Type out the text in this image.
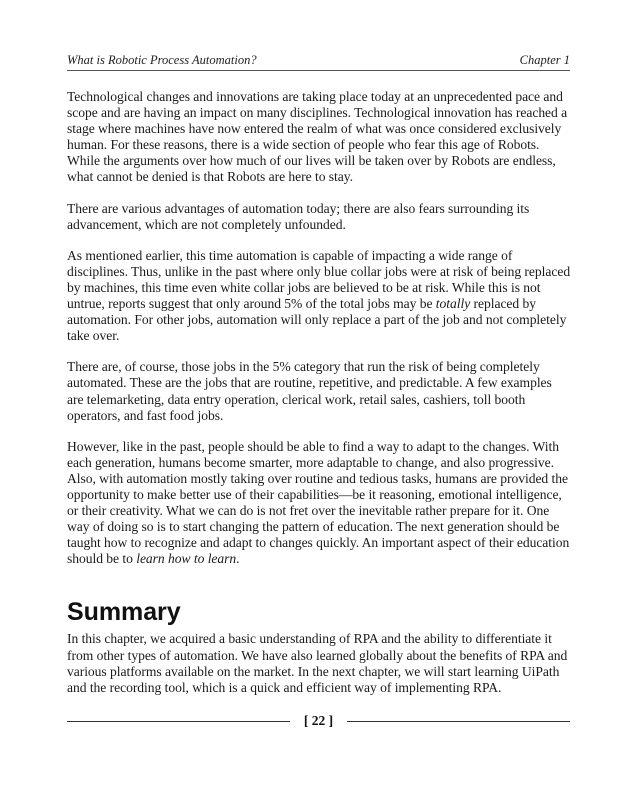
What is Robotic Process Automation?	Chapter 1

Technological changes and innovations are taking place today at an unprecedented pace and scope and are having an impact on many disciplines. Technological innovation has reached a stage where machines have now entered the realm of what was once considered exclusively human. For these reasons, there is a wide section of people who fear this age of Robots. While the arguments over how much of our lives will be taken over by Robots are endless, what cannot be denied is that Robots are here to stay.

There are various advantages of automation today; there are also fears surrounding its advancement, which are not completely unfounded.

As mentioned earlier, this time automation is capable of impacting a wide range of disciplines. Thus, unlike in the past where only blue collar jobs were at risk of being replaced by machines, this time even white collar jobs are believed to be at risk. While this is not untrue, reports suggest that only around 5% of the total jobs may be totally replaced by automation. For other jobs, automation will only replace a part of the job and not completely take over.

There are, of course, those jobs in the 5% category that run the risk of being completely automated. These are the jobs that are routine, repetitive, and predictable. A few examples are telemarketing, data entry operation, clerical work, retail sales, cashiers, toll booth operators, and fast food jobs.

However, like in the past, people should be able to find a way to adapt to the changes. With each generation, humans become smarter, more adaptable to change, and also progressive. Also, with automation mostly taking over routine and tedious tasks, humans are provided the opportunity to make better use of their capabilities—be it reasoning, emotional intelligence, or their creativity. What we can do is not fret over the inevitable rather prepare for it. One way of doing so is to start changing the pattern of education. The next generation should be taught how to recognize and adapt to changes quickly. An important aspect of their education should be to learn how to learn.

Summary

In this chapter, we acquired a basic understanding of RPA and the ability to differentiate it from other types of automation. We have also learned globally about the benefits of RPA and various platforms available on the market. In the next chapter, we will start learning UiPath and the recording tool, which is a quick and efficient way of implementing RPA.

[ 22 ]
